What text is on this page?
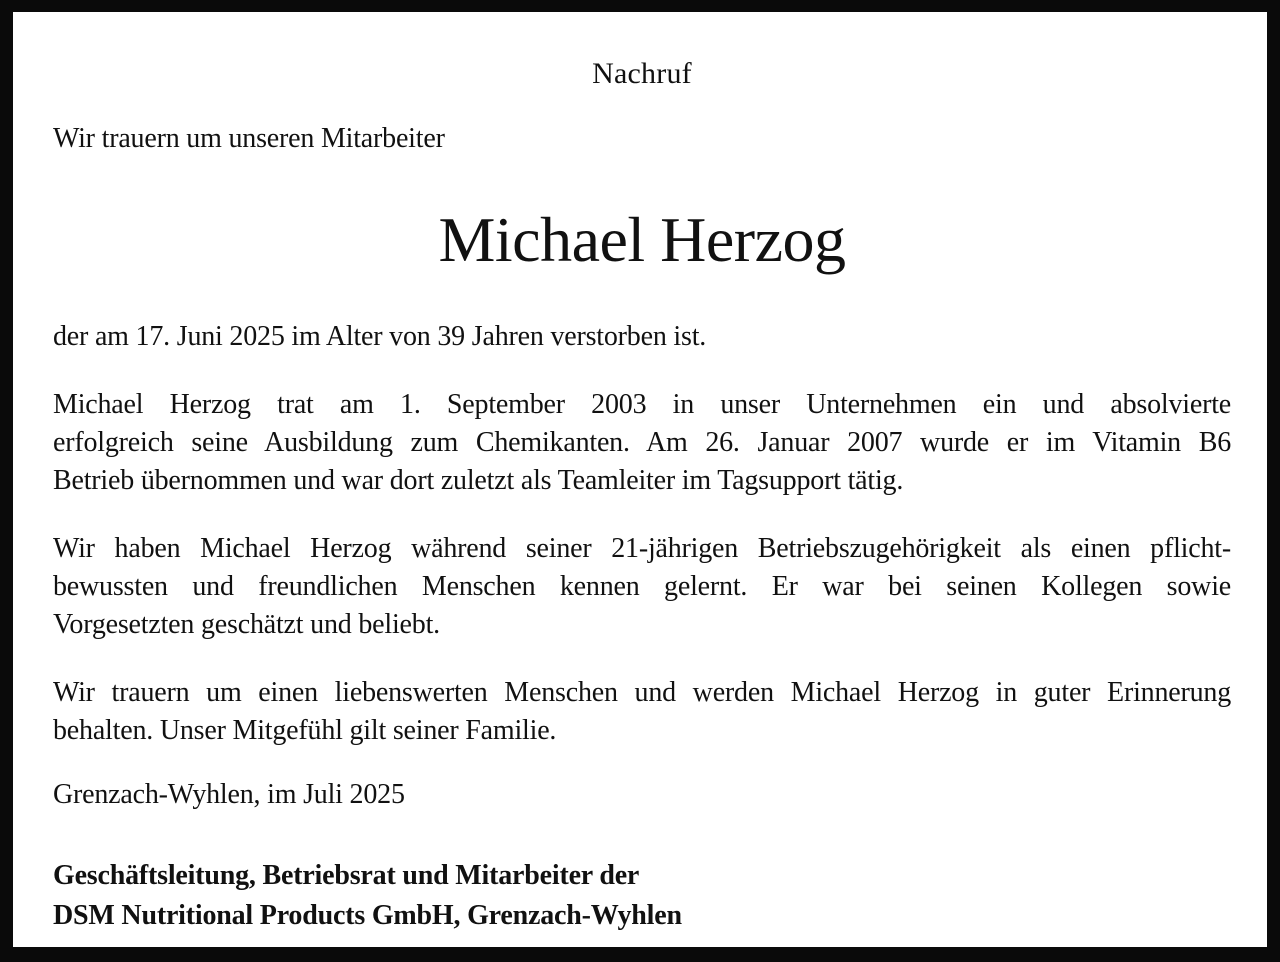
Nachruf
Wir trauern um unseren Mitarbeiter
Michael Herzog
der am 17. Juni 2025 im Alter von 39 Jahren verstorben ist.
Michael Herzog trat am 1. September 2003 in unser Unternehmen ein und absolvierte
erfolgreich seine Ausbildung zum Chemikanten. Am 26. Januar 2007 wurde er im Vitamin B6
Betrieb übernommen und war dort zuletzt als Teamleiter im Tagsupport tätig.
Wir haben Michael Herzog während seiner 21-jährigen Betriebszugehörigkeit als einen pflicht-
bewussten und freundlichen Menschen kennen gelernt. Er war bei seinen Kollegen sowie
Vorgesetzten geschätzt und beliebt.
Wir trauern um einen liebenswerten Menschen und werden Michael Herzog in guter Erinnerung
behalten. Unser Mitgefühl gilt seiner Familie.
Grenzach-Wyhlen, im Juli 2025
Geschäftsleitung, Betriebsrat und Mitarbeiter der
DSM Nutritional Products GmbH, Grenzach-Wyhlen
